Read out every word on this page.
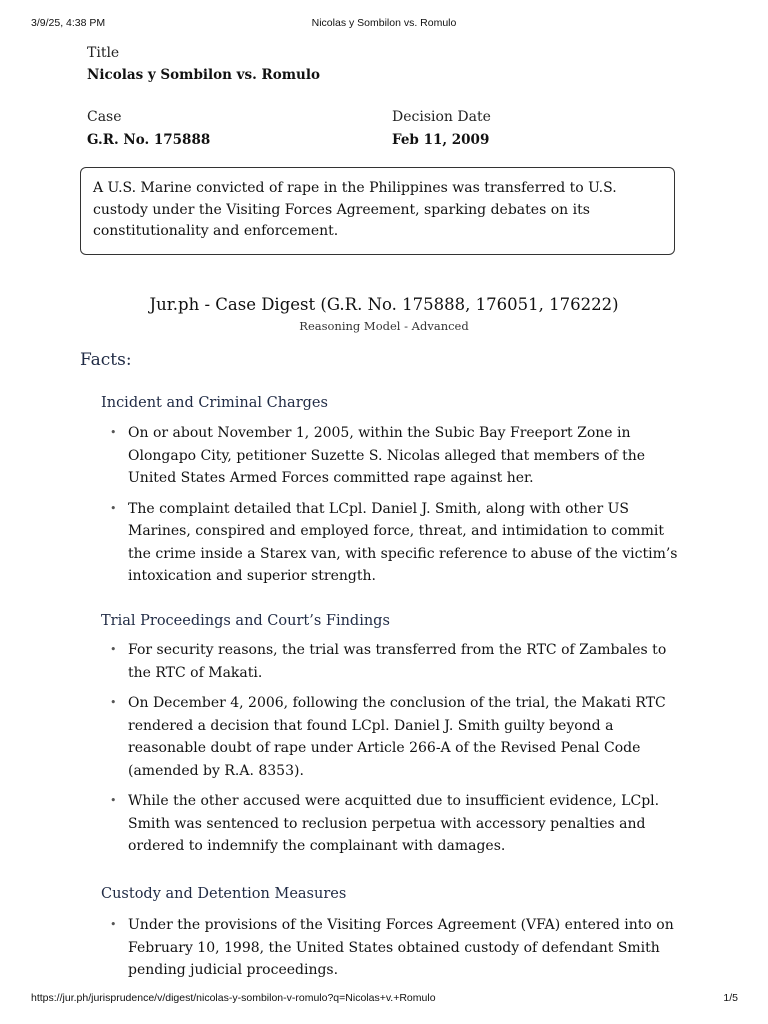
3/9/25, 4:38 PM	Nicolas y Sombilon vs. Romulo
Title
Nicolas y Sombilon vs. Romulo
Case
G.R. No. 175888
Decision Date
Feb 11, 2009

A U.S. Marine convicted of rape in the Philippines was transferred to U.S. custody under the Visiting Forces Agreement, sparking debates on its constitutionality and enforcement.

Jur.ph - Case Digest (G.R. No. 175888, 176051, 176222)
Reasoning Model - Advanced
Facts:
Incident and Criminal Charges
• On or about November 1, 2005, within the Subic Bay Freeport Zone in Olongapo City, petitioner Suzette S. Nicolas alleged that members of the United States Armed Forces committed rape against her.
• The complaint detailed that LCpl. Daniel J. Smith, along with other US Marines, conspired and employed force, threat, and intimidation to commit the crime inside a Starex van, with specific reference to abuse of the victim’s intoxication and superior strength.
Trial Proceedings and Court’s Findings
• For security reasons, the trial was transferred from the RTC of Zambales to the RTC of Makati.
• On December 4, 2006, following the conclusion of the trial, the Makati RTC rendered a decision that found LCpl. Daniel J. Smith guilty beyond a reasonable doubt of rape under Article 266-A of the Revised Penal Code (amended by R.A. 8353).
• While the other accused were acquitted due to insufficient evidence, LCpl. Smith was sentenced to reclusion perpetua with accessory penalties and ordered to indemnify the complainant with damages.
Custody and Detention Measures
• Under the provisions of the Visiting Forces Agreement (VFA) entered into on February 10, 1998, the United States obtained custody of defendant Smith pending judicial proceedings.
https://jur.ph/jurisprudence/v/digest/nicolas-y-sombilon-v-romulo?q=Nicolas+v.+Romulo	1/5
